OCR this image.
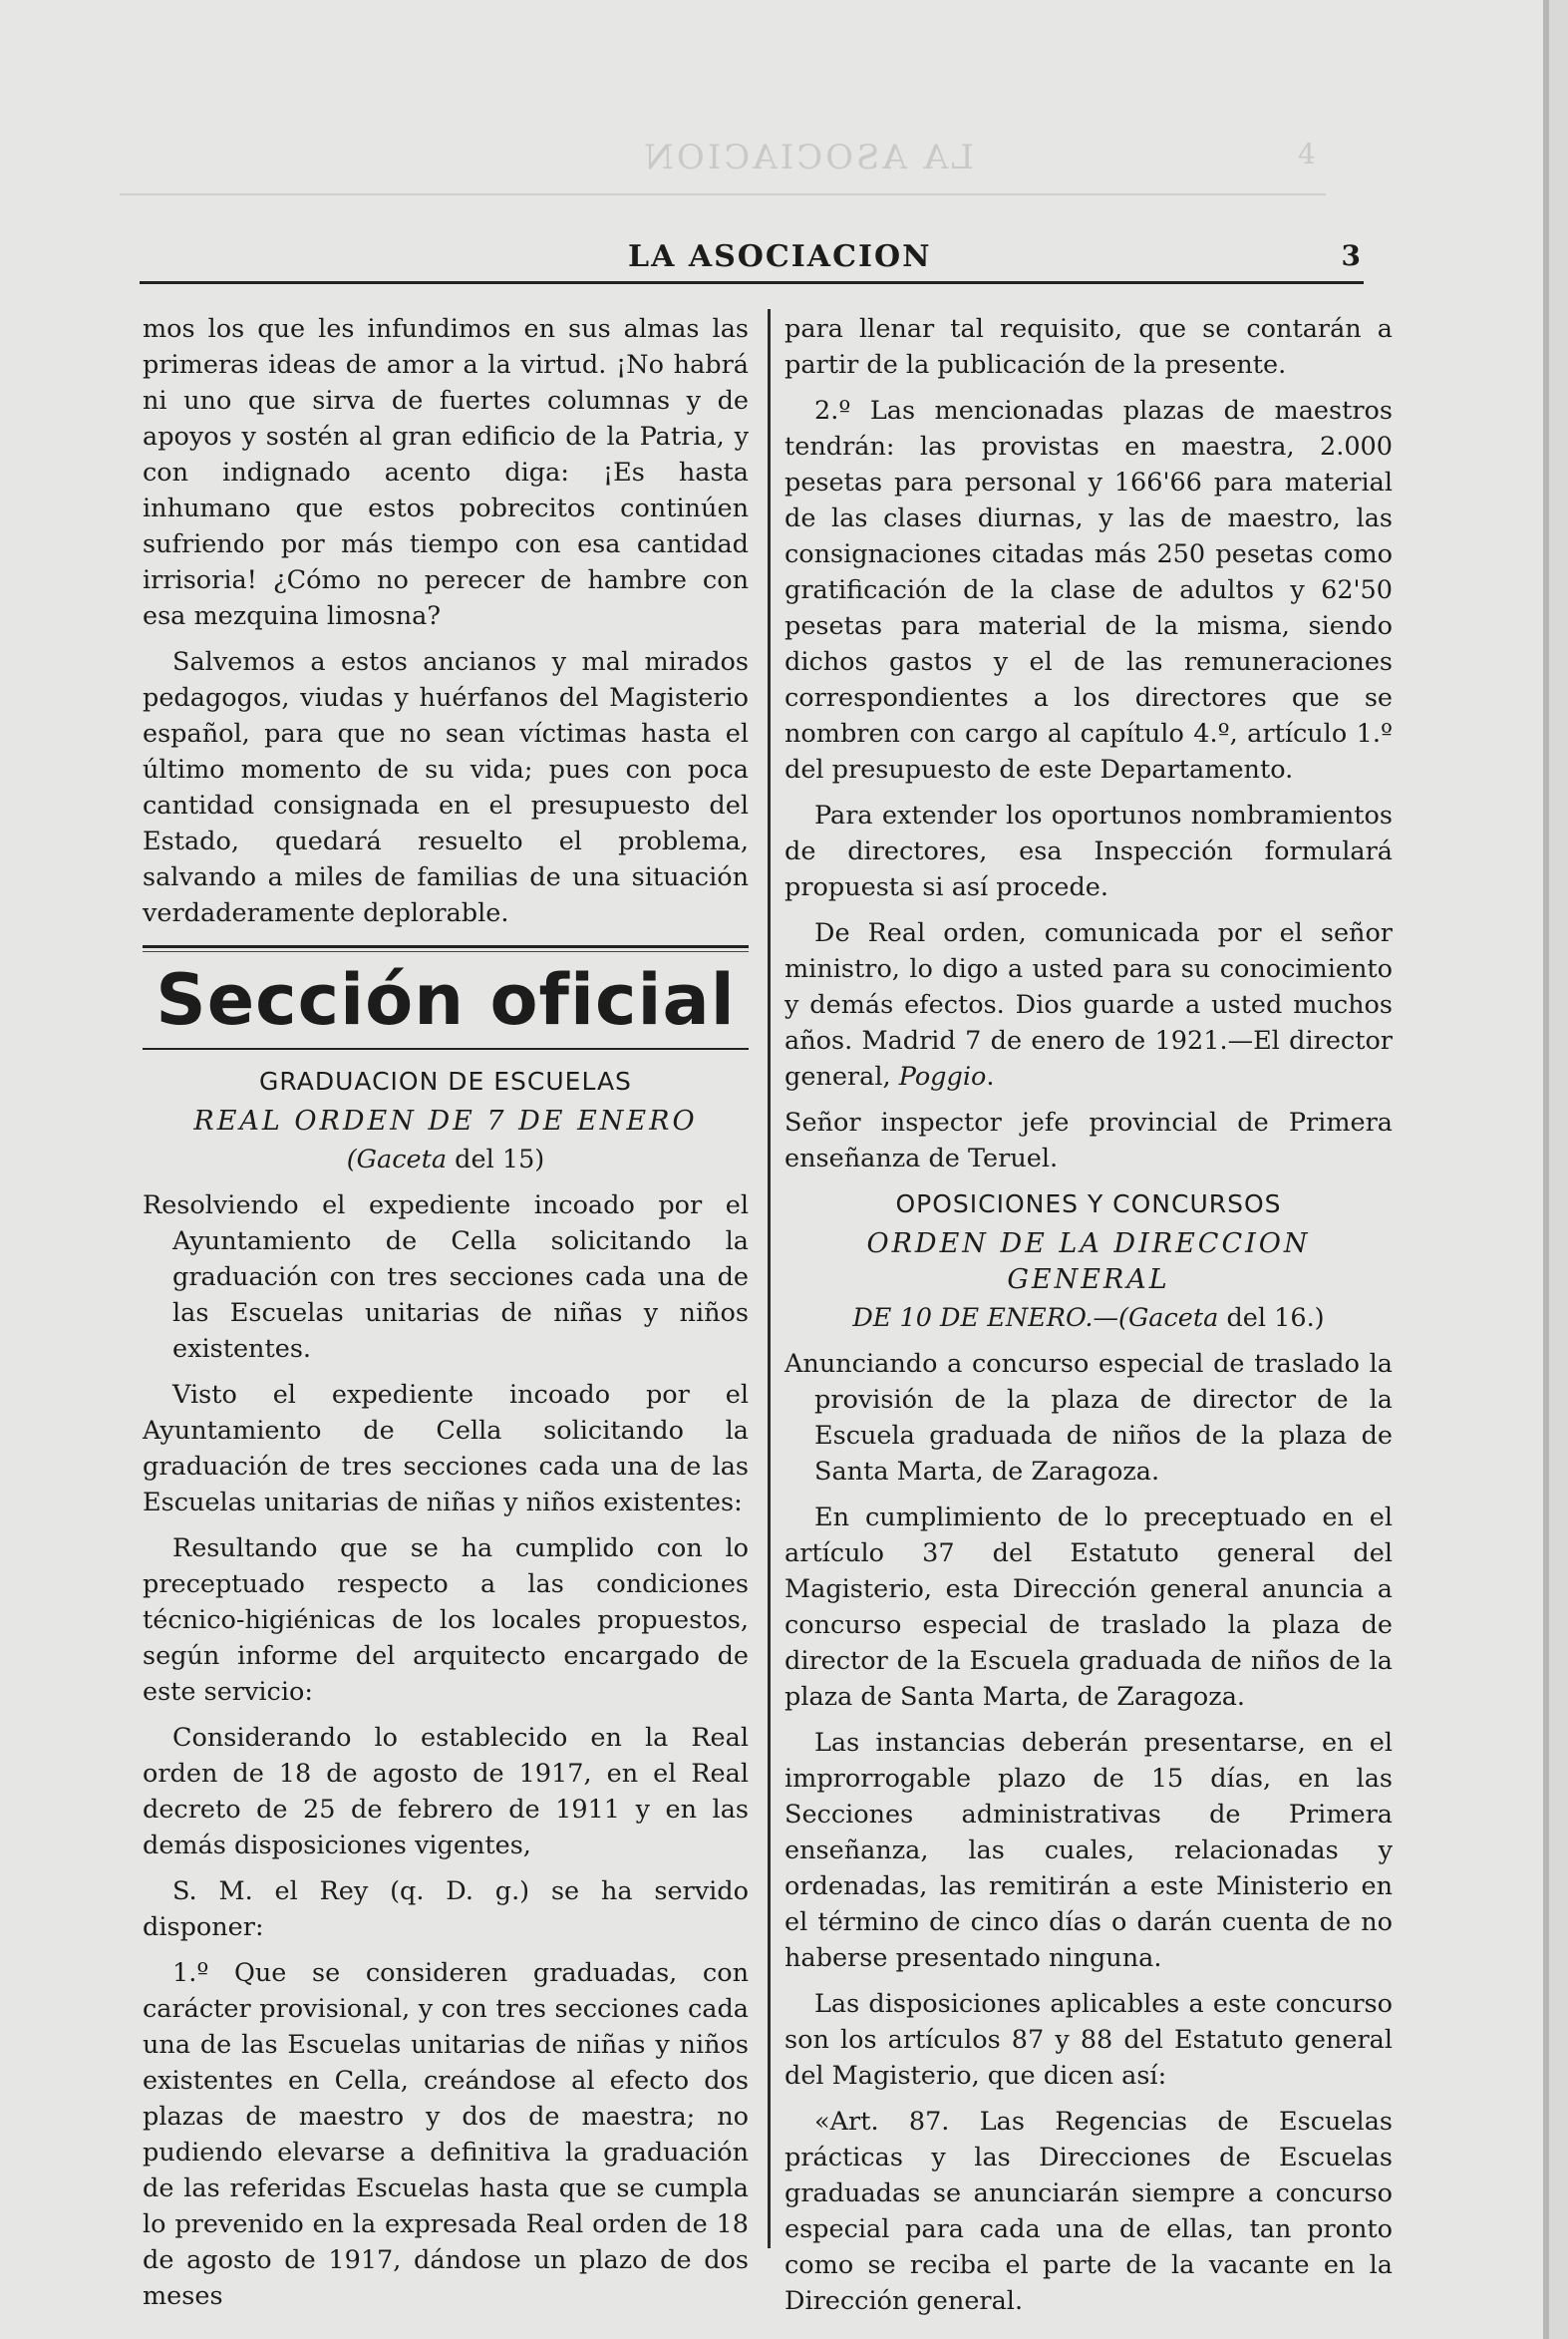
LA ASOCIACION	4
LA ASOCIACION	3

mos los que les infundimos en sus almas las primeras ideas de amor a la virtud. ¡No habrá ni uno que sirva de fuertes columnas y de apoyos y sostén al gran edificio de la Patria, y con indignado acento diga: ¡Es hasta inhumano que estos pobrecitos continúen sufriendo por más tiempo con esa cantidad irrisoria! ¿Cómo no perecer de hambre con esa mezquina limosna?

Salvemos a estos ancianos y mal mirados pedagogos, viudas y huérfanos del Magisterio español, para que no sean víctimas hasta el último momento de su vida; pues con poca cantidad consignada en el presupuesto del Estado, quedará resuelto el problema, salvando a miles de familias de una situación verdaderamente deplorable.

Sección oficial
GRADUACION DE ESCUELAS
REAL ORDEN DE 7 DE ENERO
(Gaceta del 15)

Resolviendo el expediente incoado por el Ayuntamiento de Cella solicitando la graduación con tres secciones cada una de las Escuelas unitarias de niñas y niños existentes.

Visto el expediente incoado por el Ayuntamiento de Cella solicitando la graduación de tres secciones cada una de las Escuelas unitarias de niñas y niños existentes:

Resultando que se ha cumplido con lo preceptuado respecto a las condiciones técnico-higiénicas de los locales propuestos, según informe del arquitecto encargado de este servicio:

Considerando lo establecido en la Real orden de 18 de agosto de 1917, en el Real decreto de 25 de febrero de 1911 y en las demás disposiciones vigentes,

S. M. el Rey (q. D. g.) se ha servido disponer:

1.º Que se consideren graduadas, con carácter provisional, y con tres secciones cada una de las Escuelas unitarias de niñas y niños existentes en Cella, creándose al efecto dos plazas de maestro y dos de maestra; no pudiendo elevarse a definitiva la graduación de las referidas Escuelas hasta que se cumpla lo prevenido en la expresada Real orden de 18 de agosto de 1917, dándose un plazo de dos meses

para llenar tal requisito, que se contarán a partir de la publicación de la presente.

2.º Las mencionadas plazas de maestros tendrán: las provistas en maestra, 2.000 pesetas para personal y 166'66 para material de las clases diurnas, y las de maestro, las consignaciones citadas más 250 pesetas como gratificación de la clase de adultos y 62'50 pesetas para material de la misma, siendo dichos gastos y el de las remuneraciones correspondientes a los directores que se nombren con cargo al capítulo 4.º, artículo 1.º del presupuesto de este Departamento.

Para extender los oportunos nombramientos de directores, esa Inspección formulará propuesta si así procede.

De Real orden, comunicada por el señor ministro, lo digo a usted para su conocimiento y demás efectos. Dios guarde a usted muchos años. Madrid 7 de enero de 1921.—El director general, Poggio.

Señor inspector jefe provincial de Primera enseñanza de Teruel.

OPOSICIONES Y CONCURSOS
ORDEN DE LA DIRECCION GENERAL
DE 10 DE ENERO.—(Gaceta del 16.)

Anunciando a concurso especial de traslado la provisión de la plaza de director de la Escuela graduada de niños de la plaza de Santa Marta, de Zaragoza.

En cumplimiento de lo preceptuado en el artículo 37 del Estatuto general del Magisterio, esta Dirección general anuncia a concurso especial de traslado la plaza de director de la Escuela graduada de niños de la plaza de Santa Marta, de Zaragoza.

Las instancias deberán presentarse, en el improrrogable plazo de 15 días, en las Secciones administrativas de Primera enseñanza, las cuales, relacionadas y ordenadas, las remitirán a este Ministerio en el término de cinco días o darán cuenta de no haberse presentado ninguna.

Las disposiciones aplicables a este concurso son los artículos 87 y 88 del Estatuto general del Magisterio, que dicen así:

«Art. 87. Las Regencias de Escuelas prácticas y las Direcciones de Escuelas graduadas se anunciarán siempre a concurso especial para cada una de ellas, tan pronto como se reciba el parte de la vacante en la Dirección general.
